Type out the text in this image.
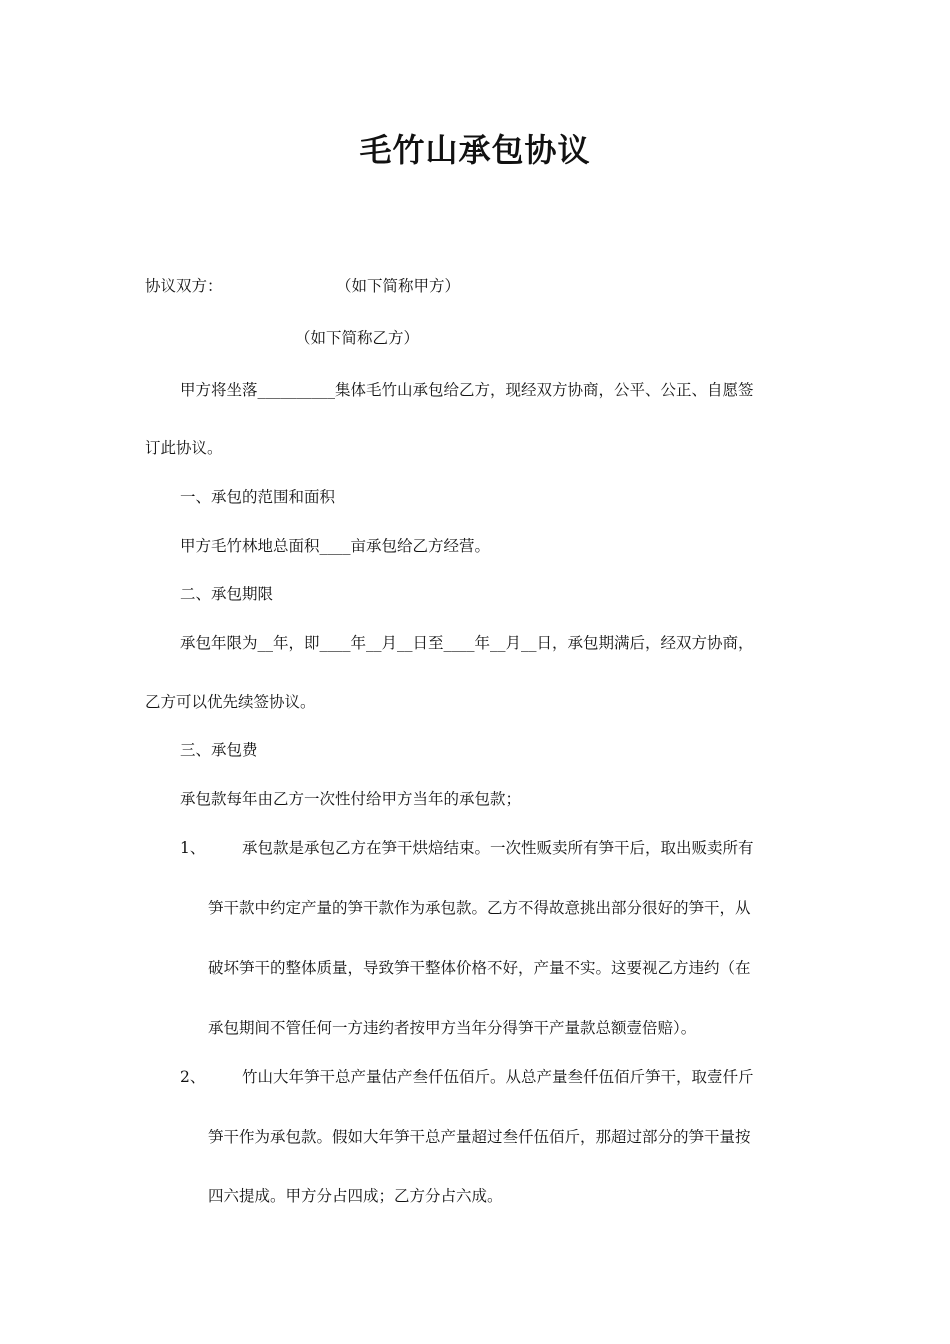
毛竹山承包协议
协议双方：	（如下简称甲方）
（如下简称乙方）
甲方将坐落__________集体毛竹山承包给乙方，现经双方协商，公平、公正、自愿签
订此协议。
一、承包的范围和面积
甲方毛竹林地总面积____亩承包给乙方经营。
二、承包期限
承包年限为__年，即____年__月__日至____年__月__日，承包期满后，经双方协商，
乙方可以优先续签协议。
三、承包费
承包款每年由乙方一次性付给甲方当年的承包款；
1、 承包款是承包乙方在笋干烘焙结束。一次性贩卖所有笋干后，取出贩卖所有
笋干款中约定产量的笋干款作为承包款。乙方不得故意挑出部分很好的笋干，从
破坏笋干的整体质量，导致笋干整体价格不好，产量不实。这要视乙方违约（在
承包期间不管任何一方违约者按甲方当年分得笋干产量款总额壹倍赔）。
2、 竹山大年笋干总产量估产叁仟伍佰斤。从总产量叁仟伍佰斤笋干，取壹仟斤
笋干作为承包款。假如大年笋干总产量超过叁仟伍佰斤，那超过部分的笋干量按
四六提成。甲方分占四成；乙方分占六成。
